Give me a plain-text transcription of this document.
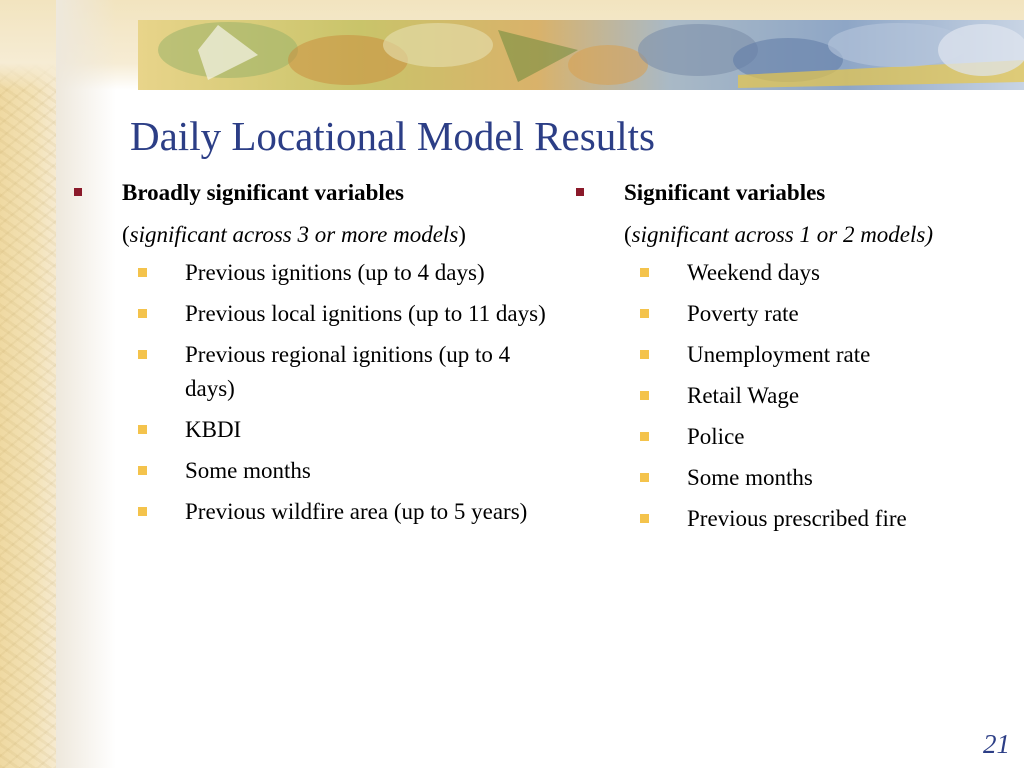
Daily Locational Model Results
Broadly significant variables
(significant across 3 or more models)
Previous ignitions (up to 4 days)
Previous local ignitions (up to 11 days)
Previous regional ignitions (up to 4 days)
KBDI
Some months
Previous wildfire area (up to 5 years)
Significant variables
(significant across 1 or 2 models)
Weekend days
Poverty rate
Unemployment rate
Retail Wage
Police
Some months
Previous prescribed fire
21
